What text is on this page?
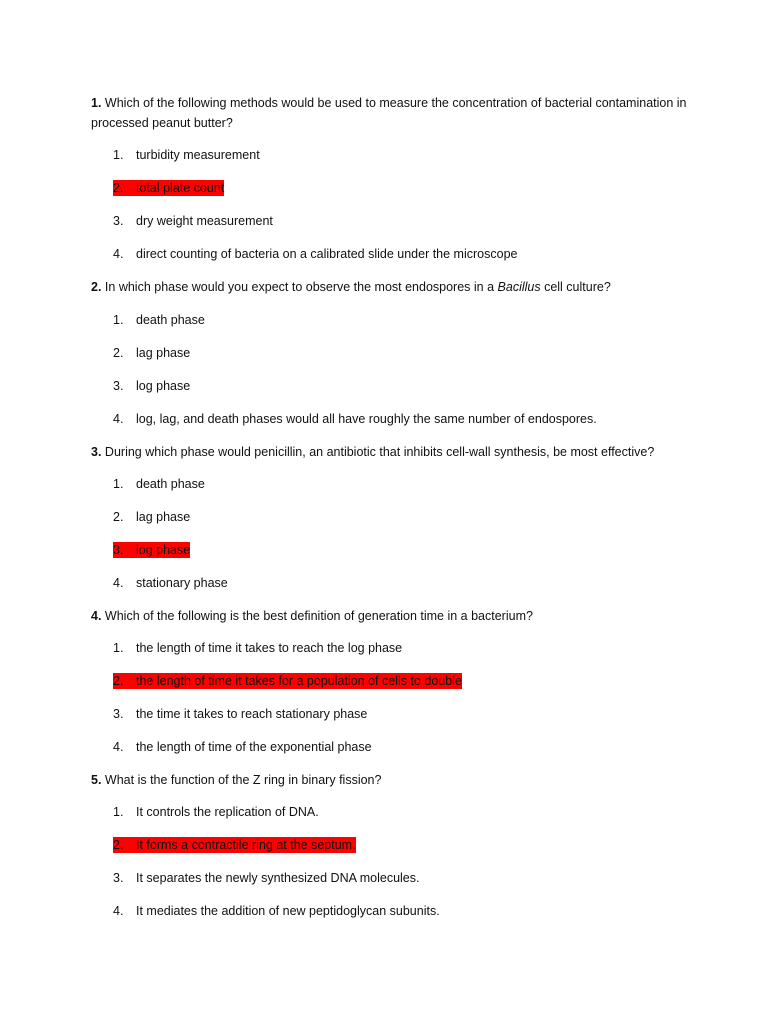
1. Which of the following methods would be used to measure the concentration of bacterial contamination in processed peanut butter?
1. turbidity measurement
2. total plate count
3. dry weight measurement
4. direct counting of bacteria on a calibrated slide under the microscope
2. In which phase would you expect to observe the most endospores in a Bacillus cell culture?
1. death phase
2. lag phase
3. log phase
4. log, lag, and death phases would all have roughly the same number of endospores.
3. During which phase would penicillin, an antibiotic that inhibits cell-wall synthesis, be most effective?
1. death phase
2. lag phase
3. log phase
4. stationary phase
4. Which of the following is the best definition of generation time in a bacterium?
1. the length of time it takes to reach the log phase
2. the length of time it takes for a population of cells to double
3. the time it takes to reach stationary phase
4. the length of time of the exponential phase
5. What is the function of the Z ring in binary fission?
1. It controls the replication of DNA.
2. It forms a contractile ring at the septum.
3. It separates the newly synthesized DNA molecules.
4. It mediates the addition of new peptidoglycan subunits.
